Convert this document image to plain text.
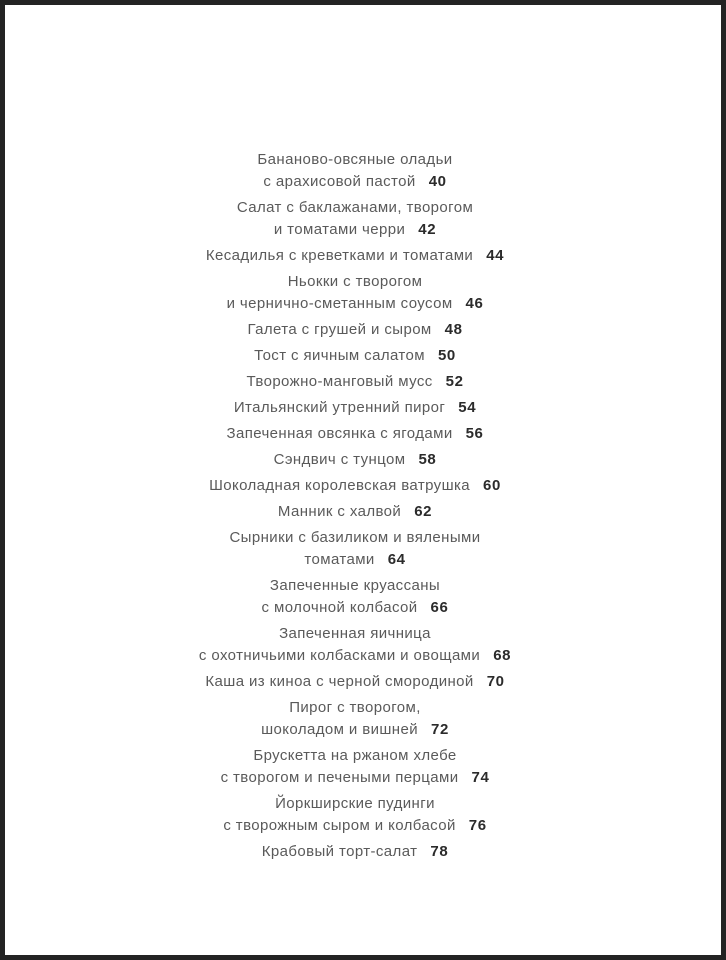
Бананово-овсяные оладьи
с арахисовой пастой 40
Салат с баклажанами, творогом
и томатами черри 42
Кесадилья с креветками и томатами 44
Ньокки с творогом
и чернично-сметанным соусом 46
Галета с грушей и сыром 48
Тост с яичным салатом 50
Творожно-манговый мусс 52
Итальянский утренний пирог 54
Запеченная овсянка с ягодами 56
Сэндвич с тунцом 58
Шоколадная королевская ватрушка 60
Манник с халвой 62
Сырники с базиликом и вялеными
томатами 64
Запеченные круассаны
с молочной колбасой 66
Запеченная яичница
с охотничьими колбасками и овощами 68
Каша из киноа с черной смородиной 70
Пирог с творогом,
шоколадом и вишней 72
Брускетта на ржаном хлебе
с творогом и печеными перцами 74
Йоркширские пудинги
с творожным сыром и колбасой 76
Крабовый торт-салат 78
